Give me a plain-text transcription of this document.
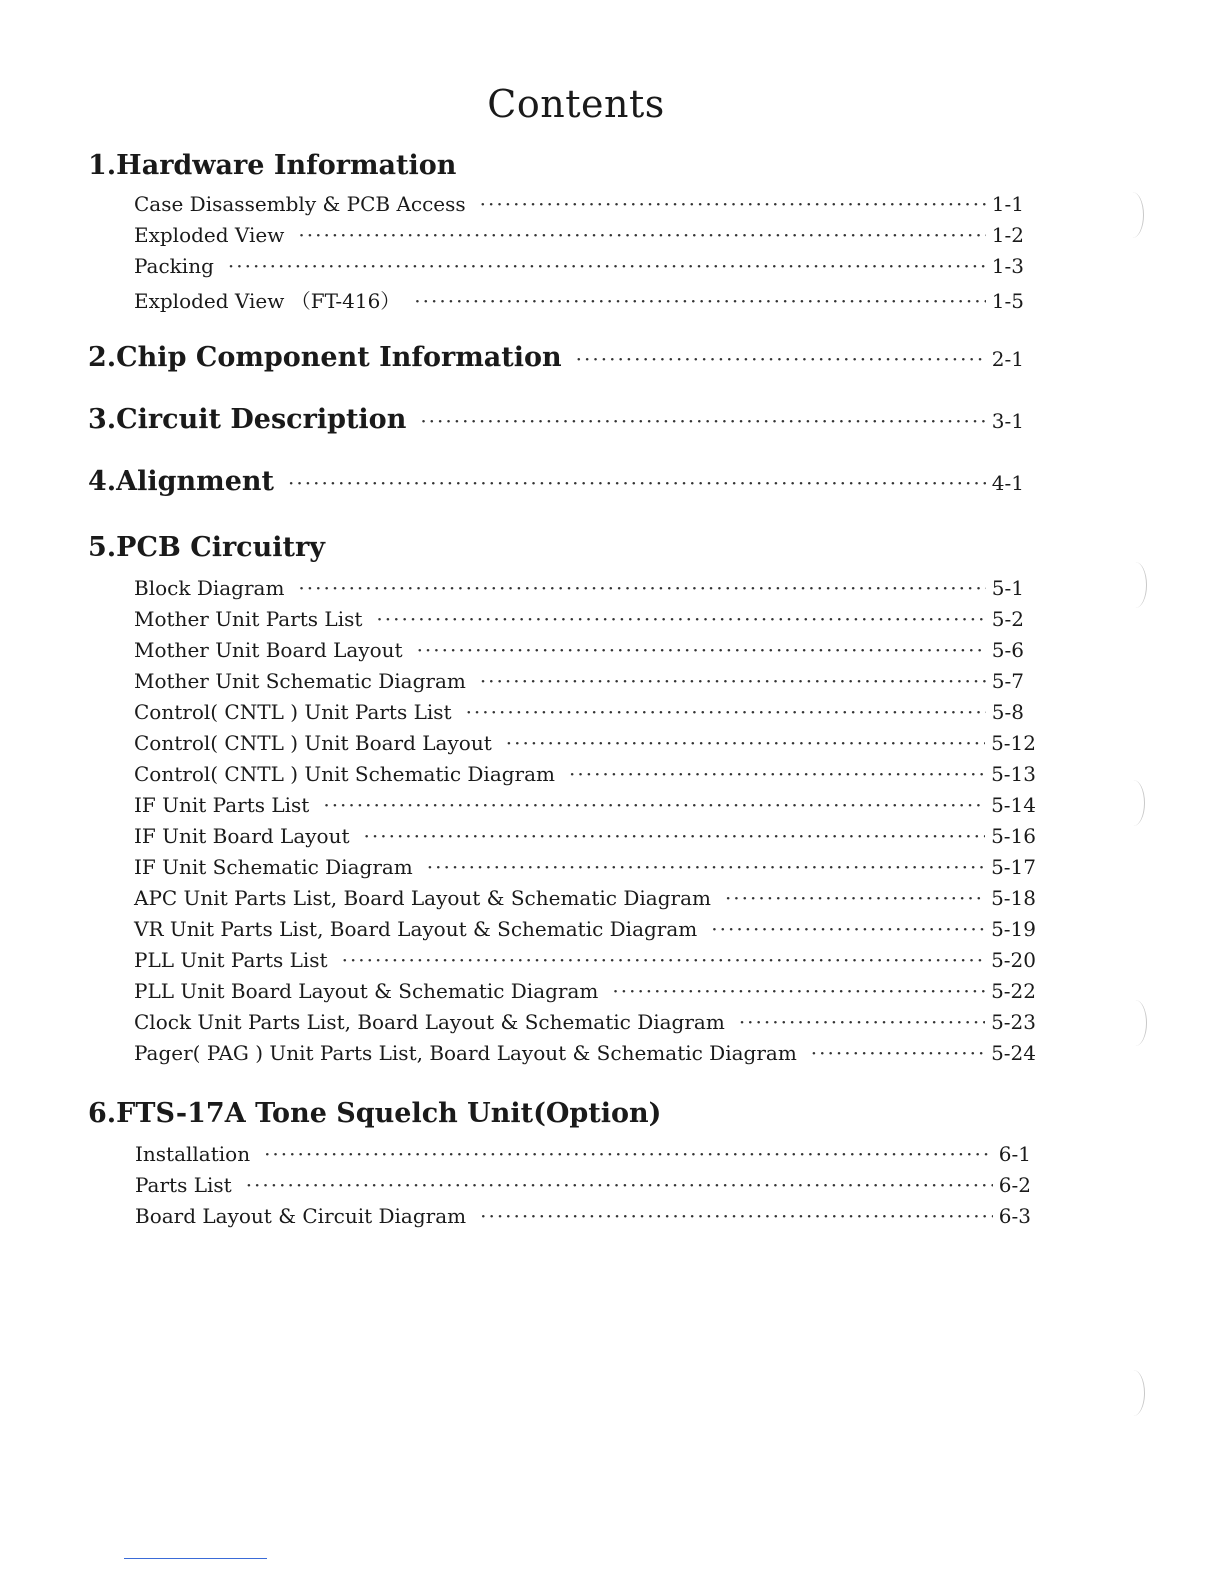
Contents
1.Hardware Information
Case Disassembly & PCB Access ·····	1-1
Exploded View ·····	1-2
Packing ·····	1-3
Exploded View （FT-416） ·····	1-5
2.Chip Component Information ·····	2-1
3.Circuit Description ·····	3-1
4.Alignment ·····	4-1
5.PCB Circuitry
Block Diagram ·····	5-1
Mother Unit Parts List ·····	5-2
Mother Unit Board Layout ·····	5-6
Mother Unit Schematic Diagram ·····	5-7
Control( CNTL ) Unit Parts List ·····	5-8
Control( CNTL ) Unit Board Layout ·····	5-12
Control( CNTL ) Unit Schematic Diagram ·····	5-13
IF Unit Parts List ·····	5-14
IF Unit Board Layout ·····	5-16
IF Unit Schematic Diagram ·····	5-17
APC Unit Parts List, Board Layout & Schematic Diagram ·····	5-18
VR Unit Parts List, Board Layout & Schematic Diagram ·····	5-19
PLL Unit Parts List ·····	5-20
PLL Unit Board Layout & Schematic Diagram ·····	5-22
Clock Unit Parts List, Board Layout & Schematic Diagram ·····	5-23
Pager( PAG ) Unit Parts List, Board Layout & Schematic Diagram ·····	5-24
6.FTS-17A Tone Squelch Unit(Option)
Installation ·····	6-1
Parts List ·····	6-2
Board Layout & Circuit Diagram ·····	6-3
